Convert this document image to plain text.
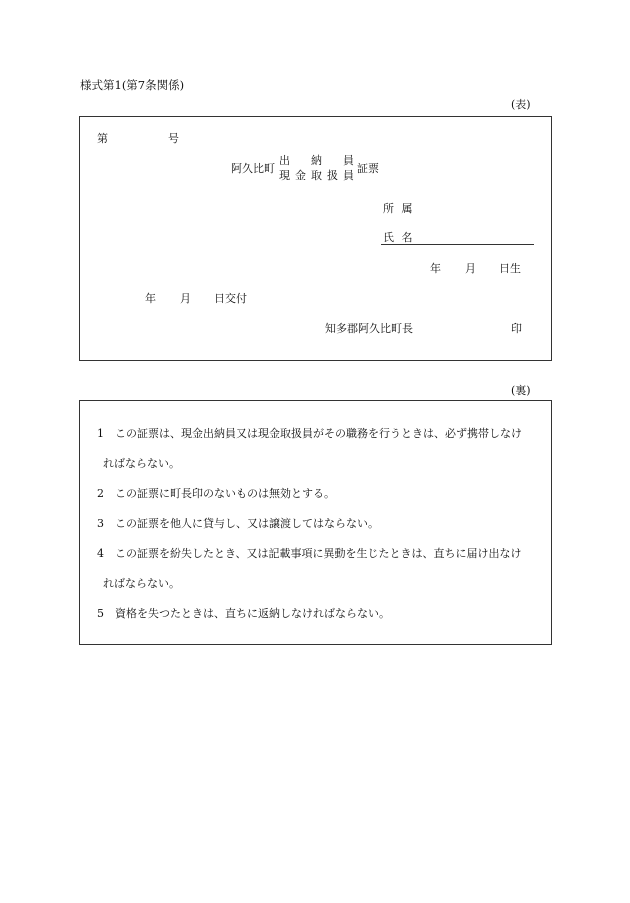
様式第1(第7条関係)
(表)
第	号
阿久比町
出 納 員
現 金 取 扱 員
証票
所 属
氏 名
年 月 日生
年 月 日交付
知多郡阿久比町長	印
(裏)
1 この証票は、現金出納員又は現金取扱員がその職務を行うときは、必ず携帯しなけ
ればならない。
2 この証票に町長印のないものは無効とする。
3 この証票を他人に貸与し、又は譲渡してはならない。
4 この証票を紛失したとき、又は記載事項に異動を生じたときは、直ちに届け出なけ
ればならない。
5 資格を失つたときは、直ちに返納しなければならない。
